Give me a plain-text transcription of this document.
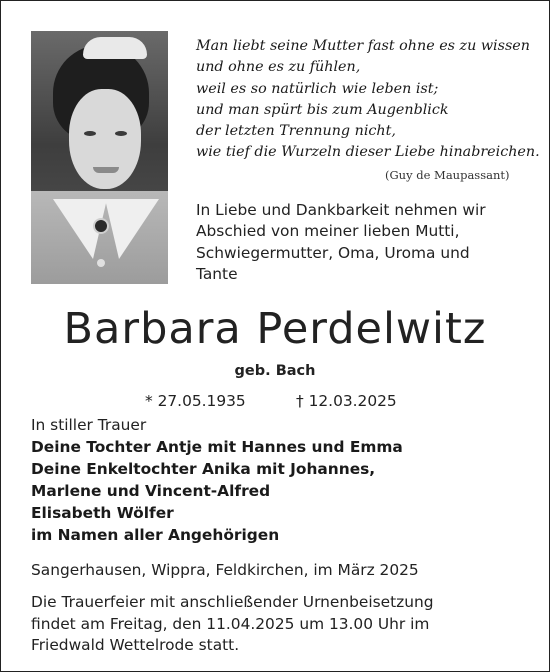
Man liebt seine Mutter fast ohne es zu wissen
und ohne es zu fühlen,
weil es so natürlich wie leben ist;
und man spürt bis zum Augenblick
der letzten Trennung nicht,
wie tief die Wurzeln dieser Liebe hinabreichen.
(Guy de Maupassant)
In Liebe und Dankbarkeit nehmen wir
Abschied von meiner lieben Mutti,
Schwiegermutter, Oma, Uroma und
Tante
Barbara Perdelwitz
geb. Bach
* 27.05.1935	† 12.03.2025
In stiller Trauer
Deine Tochter Antje mit Hannes und Emma
Deine Enkeltochter Anika mit Johannes,
Marlene und Vincent-Alfred
Elisabeth Wölfer
im Namen aller Angehörigen
Sangerhausen, Wippra, Feldkirchen, im März 2025
Die Trauerfeier mit anschließender Urnenbeisetzung
findet am Freitag, den 11.04.2025 um 13.00 Uhr im
Friedwald Wettelrode statt.
